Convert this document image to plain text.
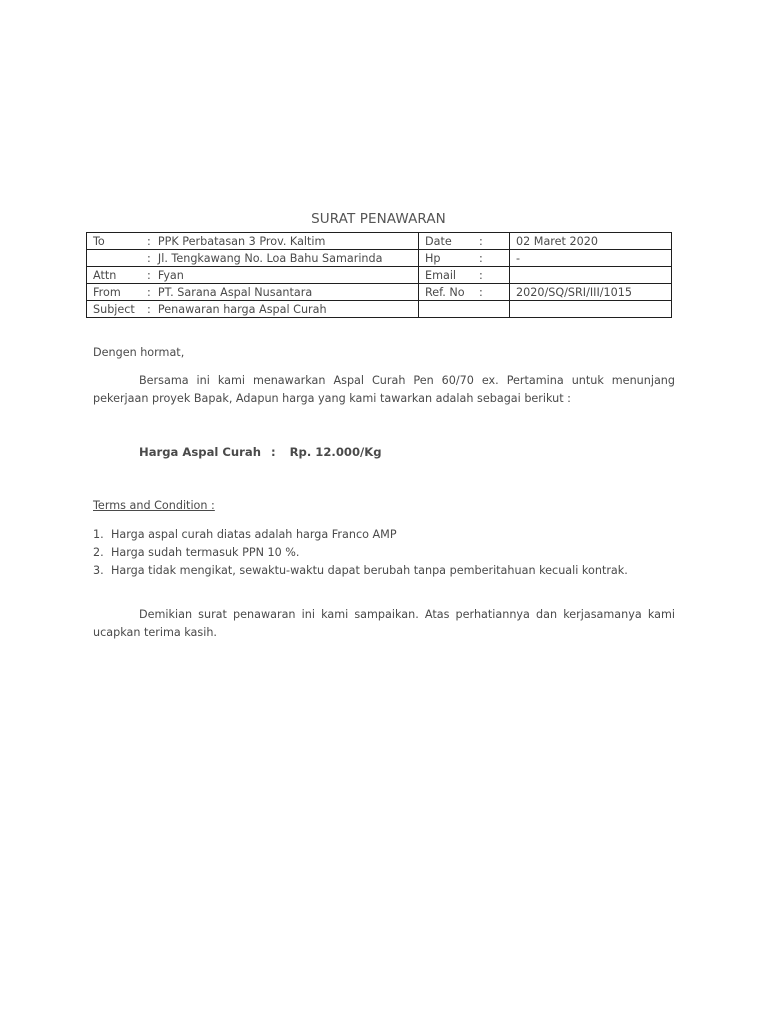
SURAT PENAWARAN
To : PPK Perbatasan 3 Prov. Kaltim	Date :	02 Maret 2020
: Jl. Tengkawang No. Loa Bahu Samarinda	Hp :	-
Attn : Fyan	Email :	
From : PT. Sarana Aspal Nusantara	Ref. No :	2020/SQ/SRI/III/1015
Subject : Penawaran harga Aspal Curah		
Dengen hormat,
Bersama ini kami menawarkan Aspal Curah Pen 60/70 ex. Pertamina untuk menunjang pekerjaan proyek Bapak, Adapun harga yang kami tawarkan adalah sebagai berikut :
Harga Aspal Curah : Rp. 12.000/Kg
Terms and Condition :
1. Harga aspal curah diatas adalah harga Franco AMP
2. Harga sudah termasuk PPN 10 %.
3. Harga tidak mengikat, sewaktu-waktu dapat berubah tanpa pemberitahuan kecuali kontrak.
Demikian surat penawaran ini kami sampaikan. Atas perhatiannya dan kerjasamanya kami ucapkan terima kasih.
